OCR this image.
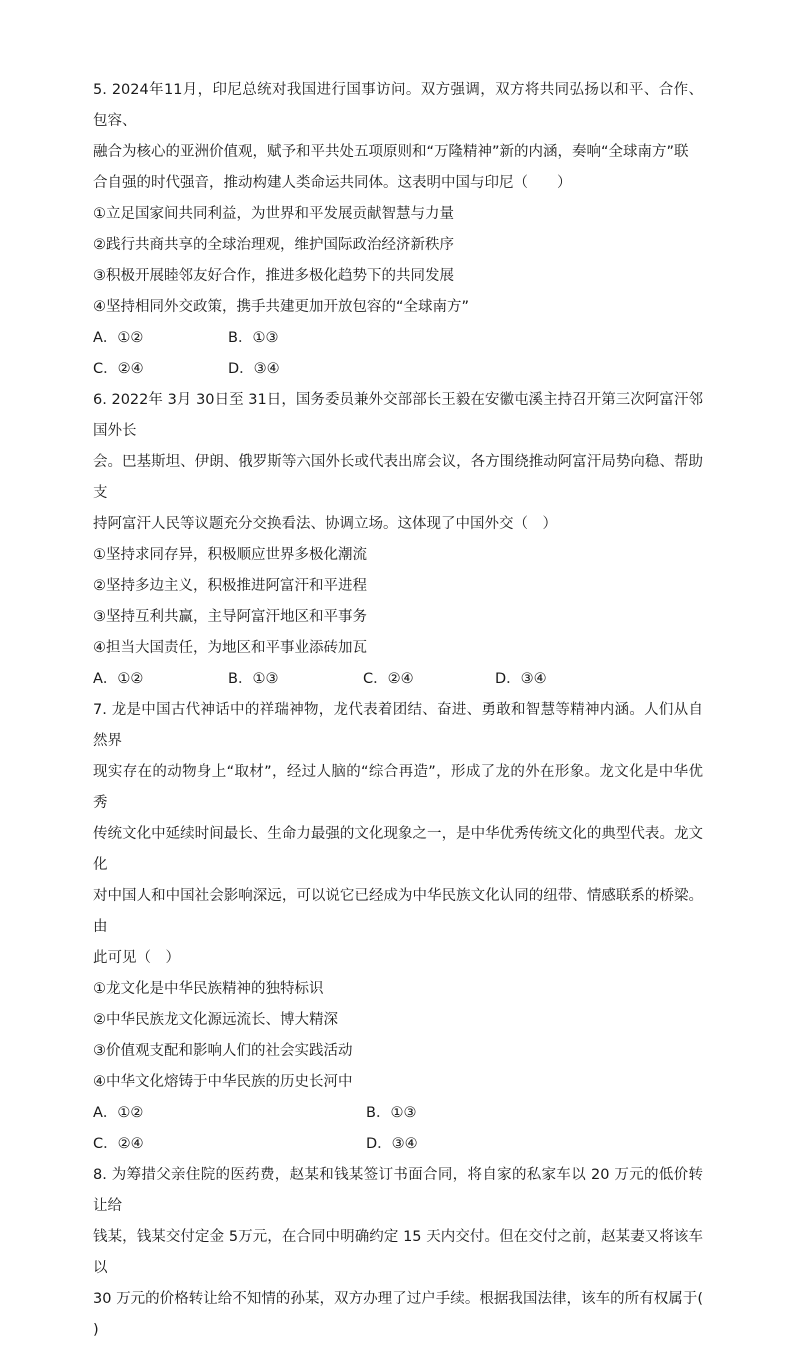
5. 2024年11月，印尼总统对我国进行国事访问。双方强调，双方将共同弘扬以和平、合作、包容、

融合为核心的亚洲价值观，赋予和平共处五项原则和“万隆精神”新的内涵，奏响“全球南方”联

合自强的时代强音，推动构建人类命运共同体。这表明中国与印尼（　　）

①立足国家间共同利益，为世界和平发展贡献智慧与力量

②践行共商共享的全球治理观，维护国际政治经济新秩序

③积极开展睦邻友好合作，推进多极化趋势下的共同发展

④坚持相同外交政策，携手共建更加开放包容的“全球南方”

A．①②	B．①③
C．②④	D．③④

6. 2022年 3月 30日至 31日，国务委员兼外交部部长王毅在安徽屯溪主持召开第三次阿富汗邻国外长

会。巴基斯坦、伊朗、俄罗斯等六国外长或代表出席会议，各方围绕推动阿富汗局势向稳、帮助支

持阿富汗人民等议题充分交换看法、协调立场。这体现了中国外交（　）

①坚持求同存异，积极顺应世界多极化潮流

②坚持多边主义，积极推进阿富汗和平进程

③坚持互利共赢，主导阿富汗地区和平事务

④担当大国责任，为地区和平事业添砖加瓦

A．①②	B．①③	C．②④	D．③④

7. 龙是中国古代神话中的祥瑞神物，龙代表着团结、奋进、勇敢和智慧等精神内涵。人们从自然界

现实存在的动物身上“取材”，经过人脑的“综合再造”，形成了龙的外在形象。龙文化是中华优秀

传统文化中延续时间最长、生命力最强的文化现象之一，是中华优秀传统文化的典型代表。龙文化

对中国人和中国社会影响深远，可以说它已经成为中华民族文化认同的纽带、情感联系的桥梁。由

此可见（　）

①龙文化是中华民族精神的独特标识

②中华民族龙文化源远流长、博大精深

③价值观支配和影响人们的社会实践活动

④中华文化熔铸于中华民族的历史长河中

A．①②	B．①③
C．②④	D．③④

8. 为筹措父亲住院的医药费，赵某和钱某签订书面合同，将自家的私家车以 20 万元的低价转让给

钱某，钱某交付定金 5万元，在合同中明确约定 15 天内交付。但在交付之前，赵某妻又将该车以

30 万元的价格转让给不知情的孙某，双方办理了过户手续。根据我国法律，该车的所有权属于(　　)
